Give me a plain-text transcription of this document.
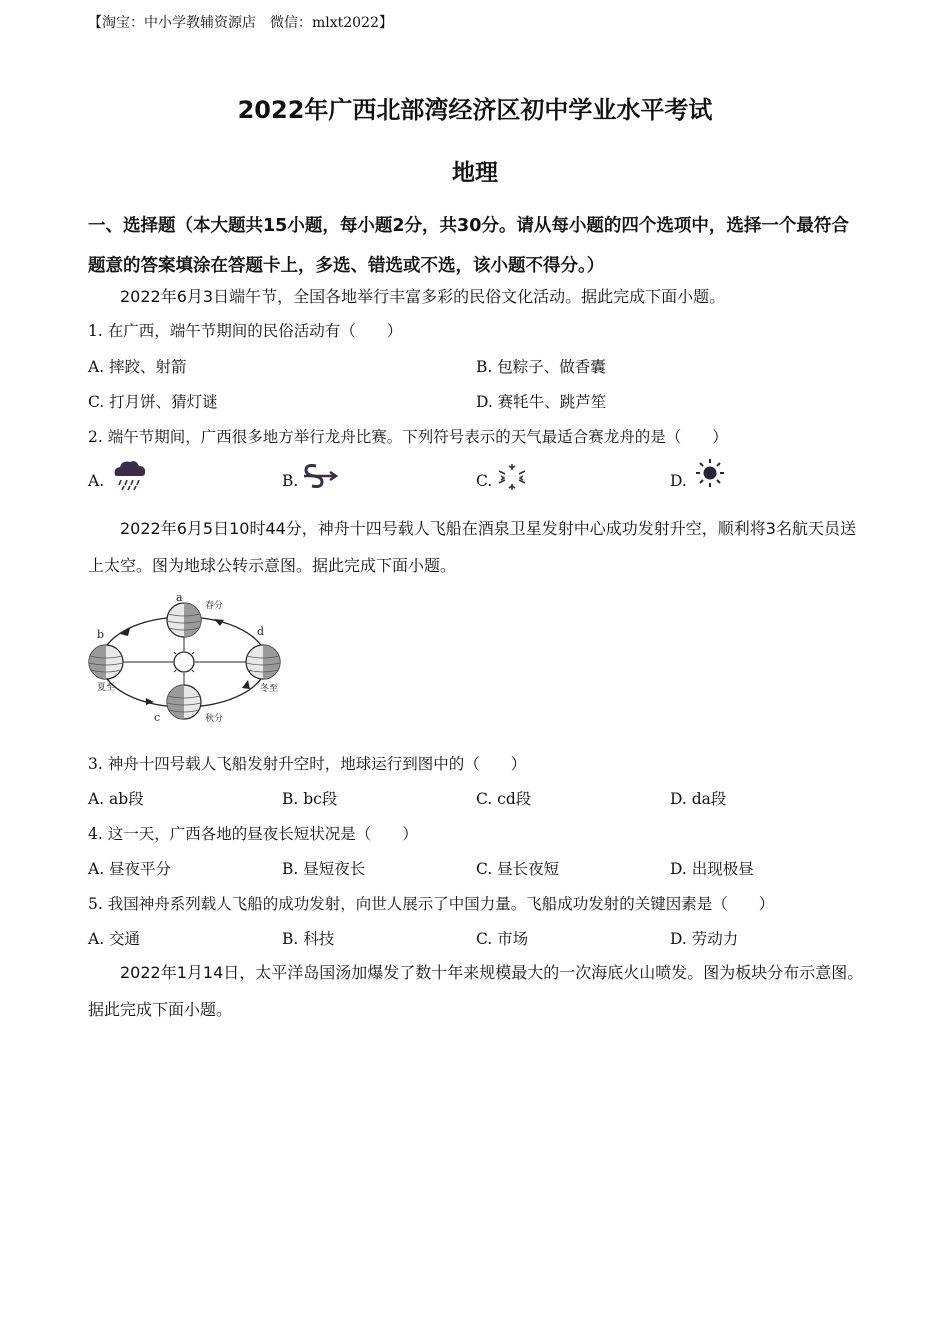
【淘宝：中小学教辅资源店　微信：mlxt2022】
2022年广西北部湾经济区初中学业水平考试
地理
一、选择题（本大题共15小题，每小题2分，共30分。请从每小题的四个选项中，选择一个最符合题意的答案填涂在答题卡上，多选、错选或不选，该小题不得分。）
2022年6月3日端午节，全国各地举行丰富多彩的民俗文化活动。据此完成下面小题。
1. 在广西，端午节期间的民俗活动有（　　）
A. 摔跤、射箭	B. 包粽子、做香囊
C. 打月饼、猜灯谜	D. 赛牦牛、跳芦笙
2. 端午节期间，广西很多地方举行龙舟比赛。下列符号表示的天气最适合赛龙舟的是（　　）
A.	B.	C.	D.
2022年6月5日10时44分，神舟十四号载人飞船在酒泉卫星发射中心成功发射升空，顺利将3名航天员送上太空。图为地球公转示意图。据此完成下面小题。
a
b
c
d
春分
夏至
秋分
冬至
3. 神舟十四号载人飞船发射升空时，地球运行到图中的（　　）
A. ab段	B. bc段	C. cd段	D. da段
4. 这一天，广西各地的昼夜长短状况是（　　）
A. 昼夜平分	B. 昼短夜长	C. 昼长夜短	D. 出现极昼
5. 我国神舟系列载人飞船的成功发射，向世人展示了中国力量。飞船成功发射的关键因素是（　　）
A. 交通	B. 科技	C. 市场	D. 劳动力
2022年1月14日，太平洋岛国汤加爆发了数十年来规模最大的一次海底火山喷发。图为板块分布示意图。据此完成下面小题。
